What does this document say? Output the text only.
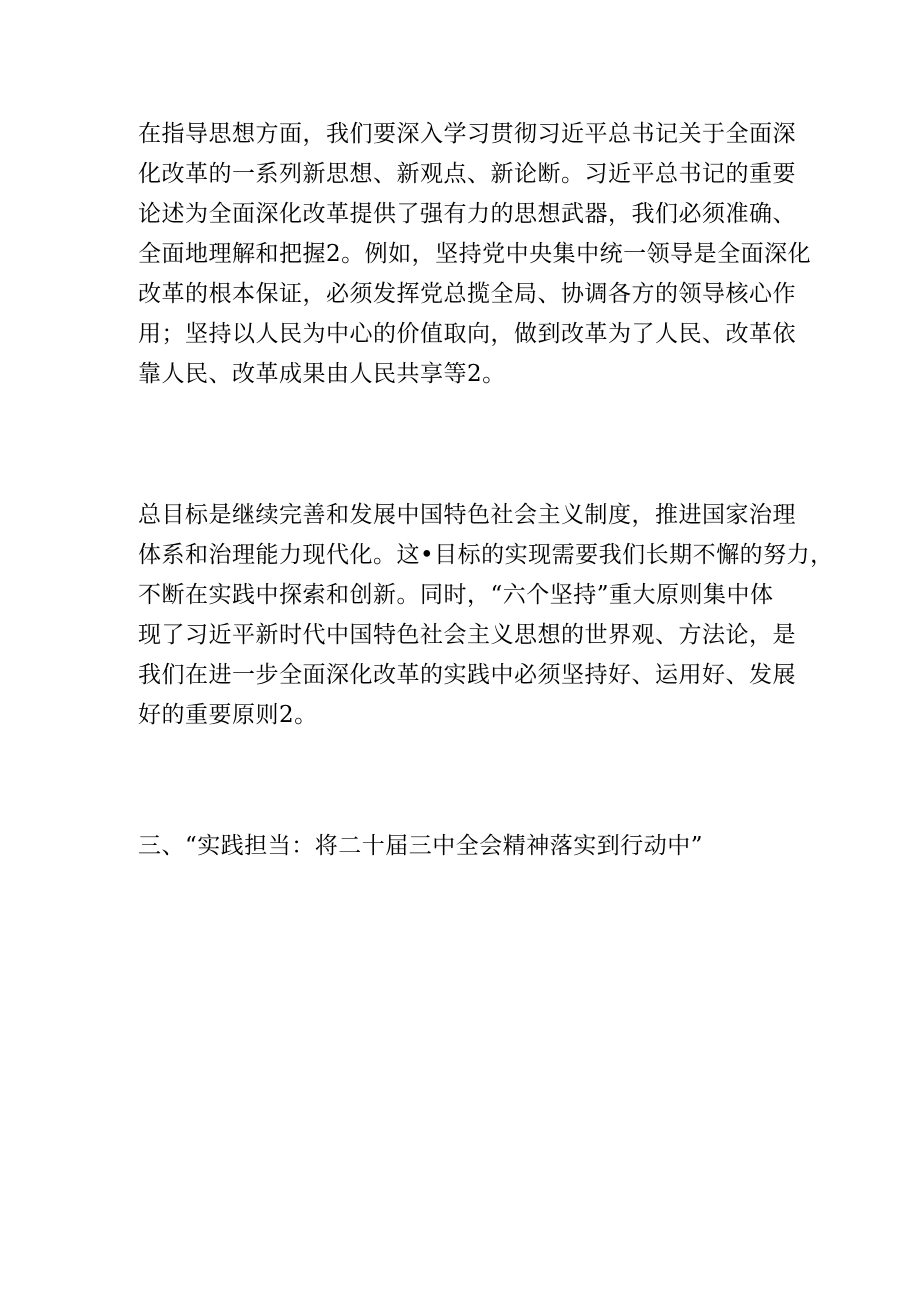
在指导思想方面，我们要深入学习贯彻习近平总书记关于全面深
化改革的一系列新思想、新观点、新论断。习近平总书记的重要
论述为全面深化改革提供了强有力的思想武器，我们必须准确、
全面地理解和把握2。例如，坚持党中央集中统一领导是全面深化
改革的根本保证，必须发挥党总揽全局、协调各方的领导核心作
用；坚持以人民为中心的价值取向，做到改革为了人民、改革依
靠人民、改革成果由人民共享等2。
总目标是继续完善和发展中国特色社会主义制度，推进国家治理
体系和治理能力现代化。这•目标的实现需要我们长期不懈的努力，
不断在实践中探索和创新。同时，“六个坚持”重大原则集中体
现了习近平新时代中国特色社会主义思想的世界观、方法论，是
我们在进一步全面深化改革的实践中必须坚持好、运用好、发展
好的重要原则2。
三、“实践担当：将二十届三中全会精神落实到行动中”
